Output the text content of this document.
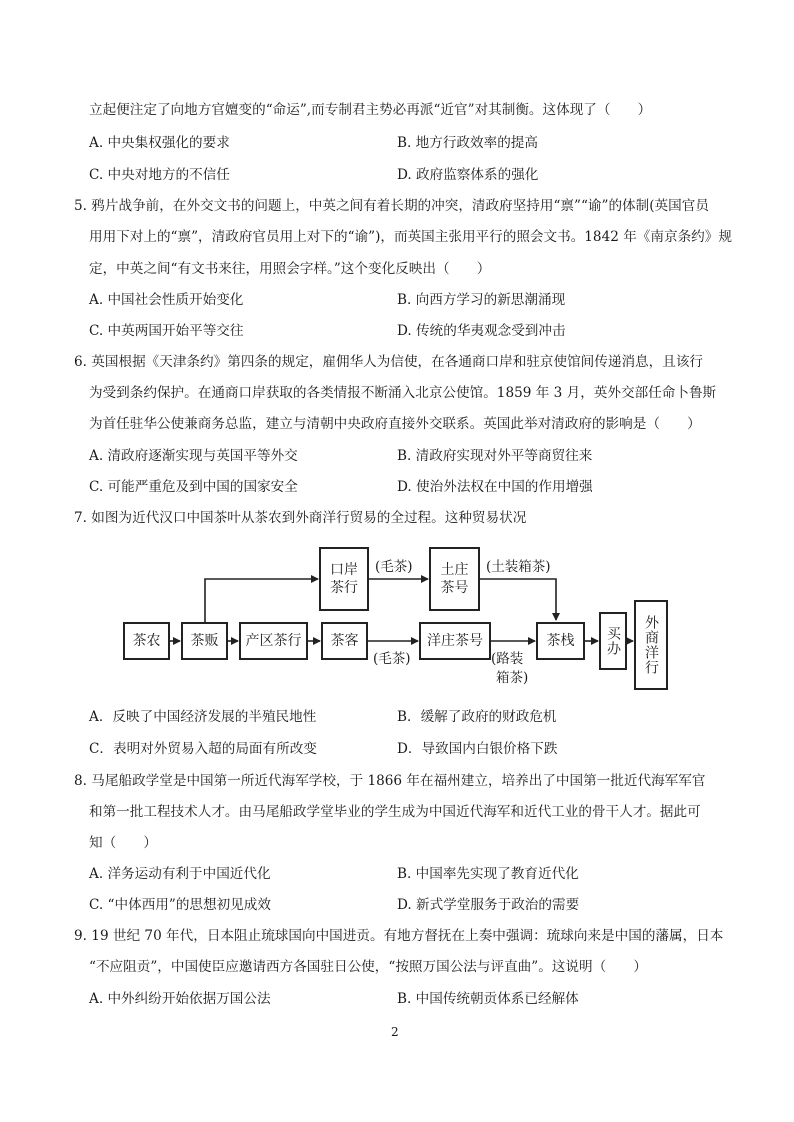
立起便注定了向地方官嬗变的“命运”,而专制君主势必再派“近官”对其制衡。这体现了（　　）
A. 中央集权强化的要求	B. 地方行政效率的提高
C. 中央对地方的不信任	D. 政府监察体系的强化
5. 鸦片战争前，在外交文书的问题上，中英之间有着长期的冲突，清政府坚持用“禀”“谕”的体制(英国官员
用用下对上的“禀”，清政府官员用上对下的“谕”)，而英国主张用平行的照会文书。1842 年《南京条约》规
定，中英之间“有文书来往，用照会字样。”这个变化反映出（　　）
A. 中国社会性质开始变化	B. 向西方学习的新思潮涌现
C. 中英两国开始平等交往	D. 传统的华夷观念受到冲击
6. 英国根据《天津条约》第四条的规定，雇佣华人为信使，在各通商口岸和驻京使馆间传递消息，且该行
为受到条约保护。在通商口岸获取的各类情报不断涌入北京公使馆。1859 年 3 月，英外交部任命卜鲁斯
为首任驻华公使兼商务总监，建立与清朝中央政府直接外交联系。英国此举对清政府的影响是（　　）
A. 清政府逐渐实现与英国平等外交	B. 清政府实现对外平等商贸往来
C. 可能严重危及到中国的国家安全	D. 使治外法权在中国的作用增强
7. 如图为近代汉口中国茶叶从茶农到外商洋行贸易的全过程。这种贸易状况
茶农	茶贩	产区茶行	茶客	洋庄茶号	茶栈	买办	外商洋行
口岸
茶行
土庄
茶号
(毛茶)	(土装箱茶)
(毛茶)	(路装
箱茶)
A．反映了中国经济发展的半殖民地性	B．缓解了政府的财政危机
C．表明对外贸易入超的局面有所改变	D．导致国内白银价格下跌
8. 马尾船政学堂是中国第一所近代海军学校，于 1866 年在福州建立，培养出了中国第一批近代海军军官
和第一批工程技术人才。由马尾船政学堂毕业的学生成为中国近代海军和近代工业的骨干人才。据此可
知（　　）
A. 洋务运动有利于中国近代化	B. 中国率先实现了教育近代化
C. “中体西用”的思想初见成效	D. 新式学堂服务于政治的需要
9. 19 世纪 70 年代，日本阻止琉球国向中国进贡。有地方督抚在上奏中强调：琉球向来是中国的藩属，日本
“不应阻贡”，中国使臣应邀请西方各国驻日公使，“按照万国公法与评直曲”。这说明（　　）
A. 中外纠纷开始依据万国公法	B. 中国传统朝贡体系已经解体
2
